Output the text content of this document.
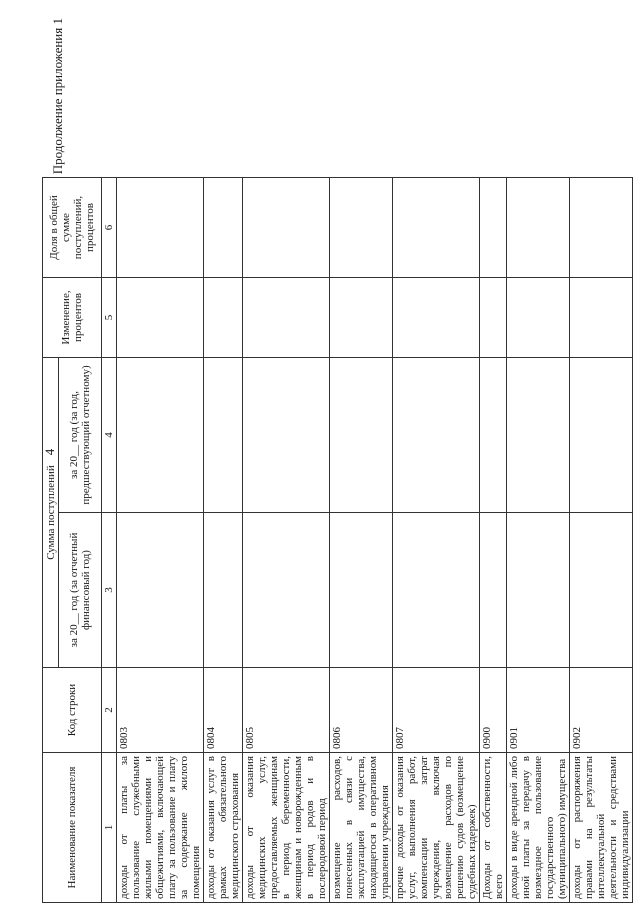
4
Продолжение приложения 1
Наименование показателя	Код строки	Сумма поступлений		Изменение, процентов	Доля в общей сумме поступлений, процентов
		за 20__ год (за отчетный финансовый год)	за 20__ год (за год, предшествующий отчетному)		
1	2	3	4	5	6
доходы от платы за пользование служебными жилыми помещениями и общежитиями, включающей плату за пользование и плату за содержание жилого помещения	0803				
доходы от оказания услуг в рамках обязательного медицинского страхования	0804				
доходы от оказания медицинских услуг, предоставляемых женщинам в период беременности, женщинам и новорожденным в период родов и в послеродовой период	0805				
возмещение расходов, понесенных в связи с эксплуатацией имущества, находящегося в оперативном управлении учреждения	0806				
прочие доходы от оказания услуг, выполнения работ, компенсации затрат учреждения, включая возмещение расходов по решению судов (возмещение судебных издержек)	0807				
Доходы от собственности, всего	0900				
доходы в виде арендной либо иной платы за передачу в возмездное пользование государственного (муниципального) имущества	0901				
доходы от распоряжения правами на результаты интеллектуальной деятельности и средствами индивидуализации	0902				
